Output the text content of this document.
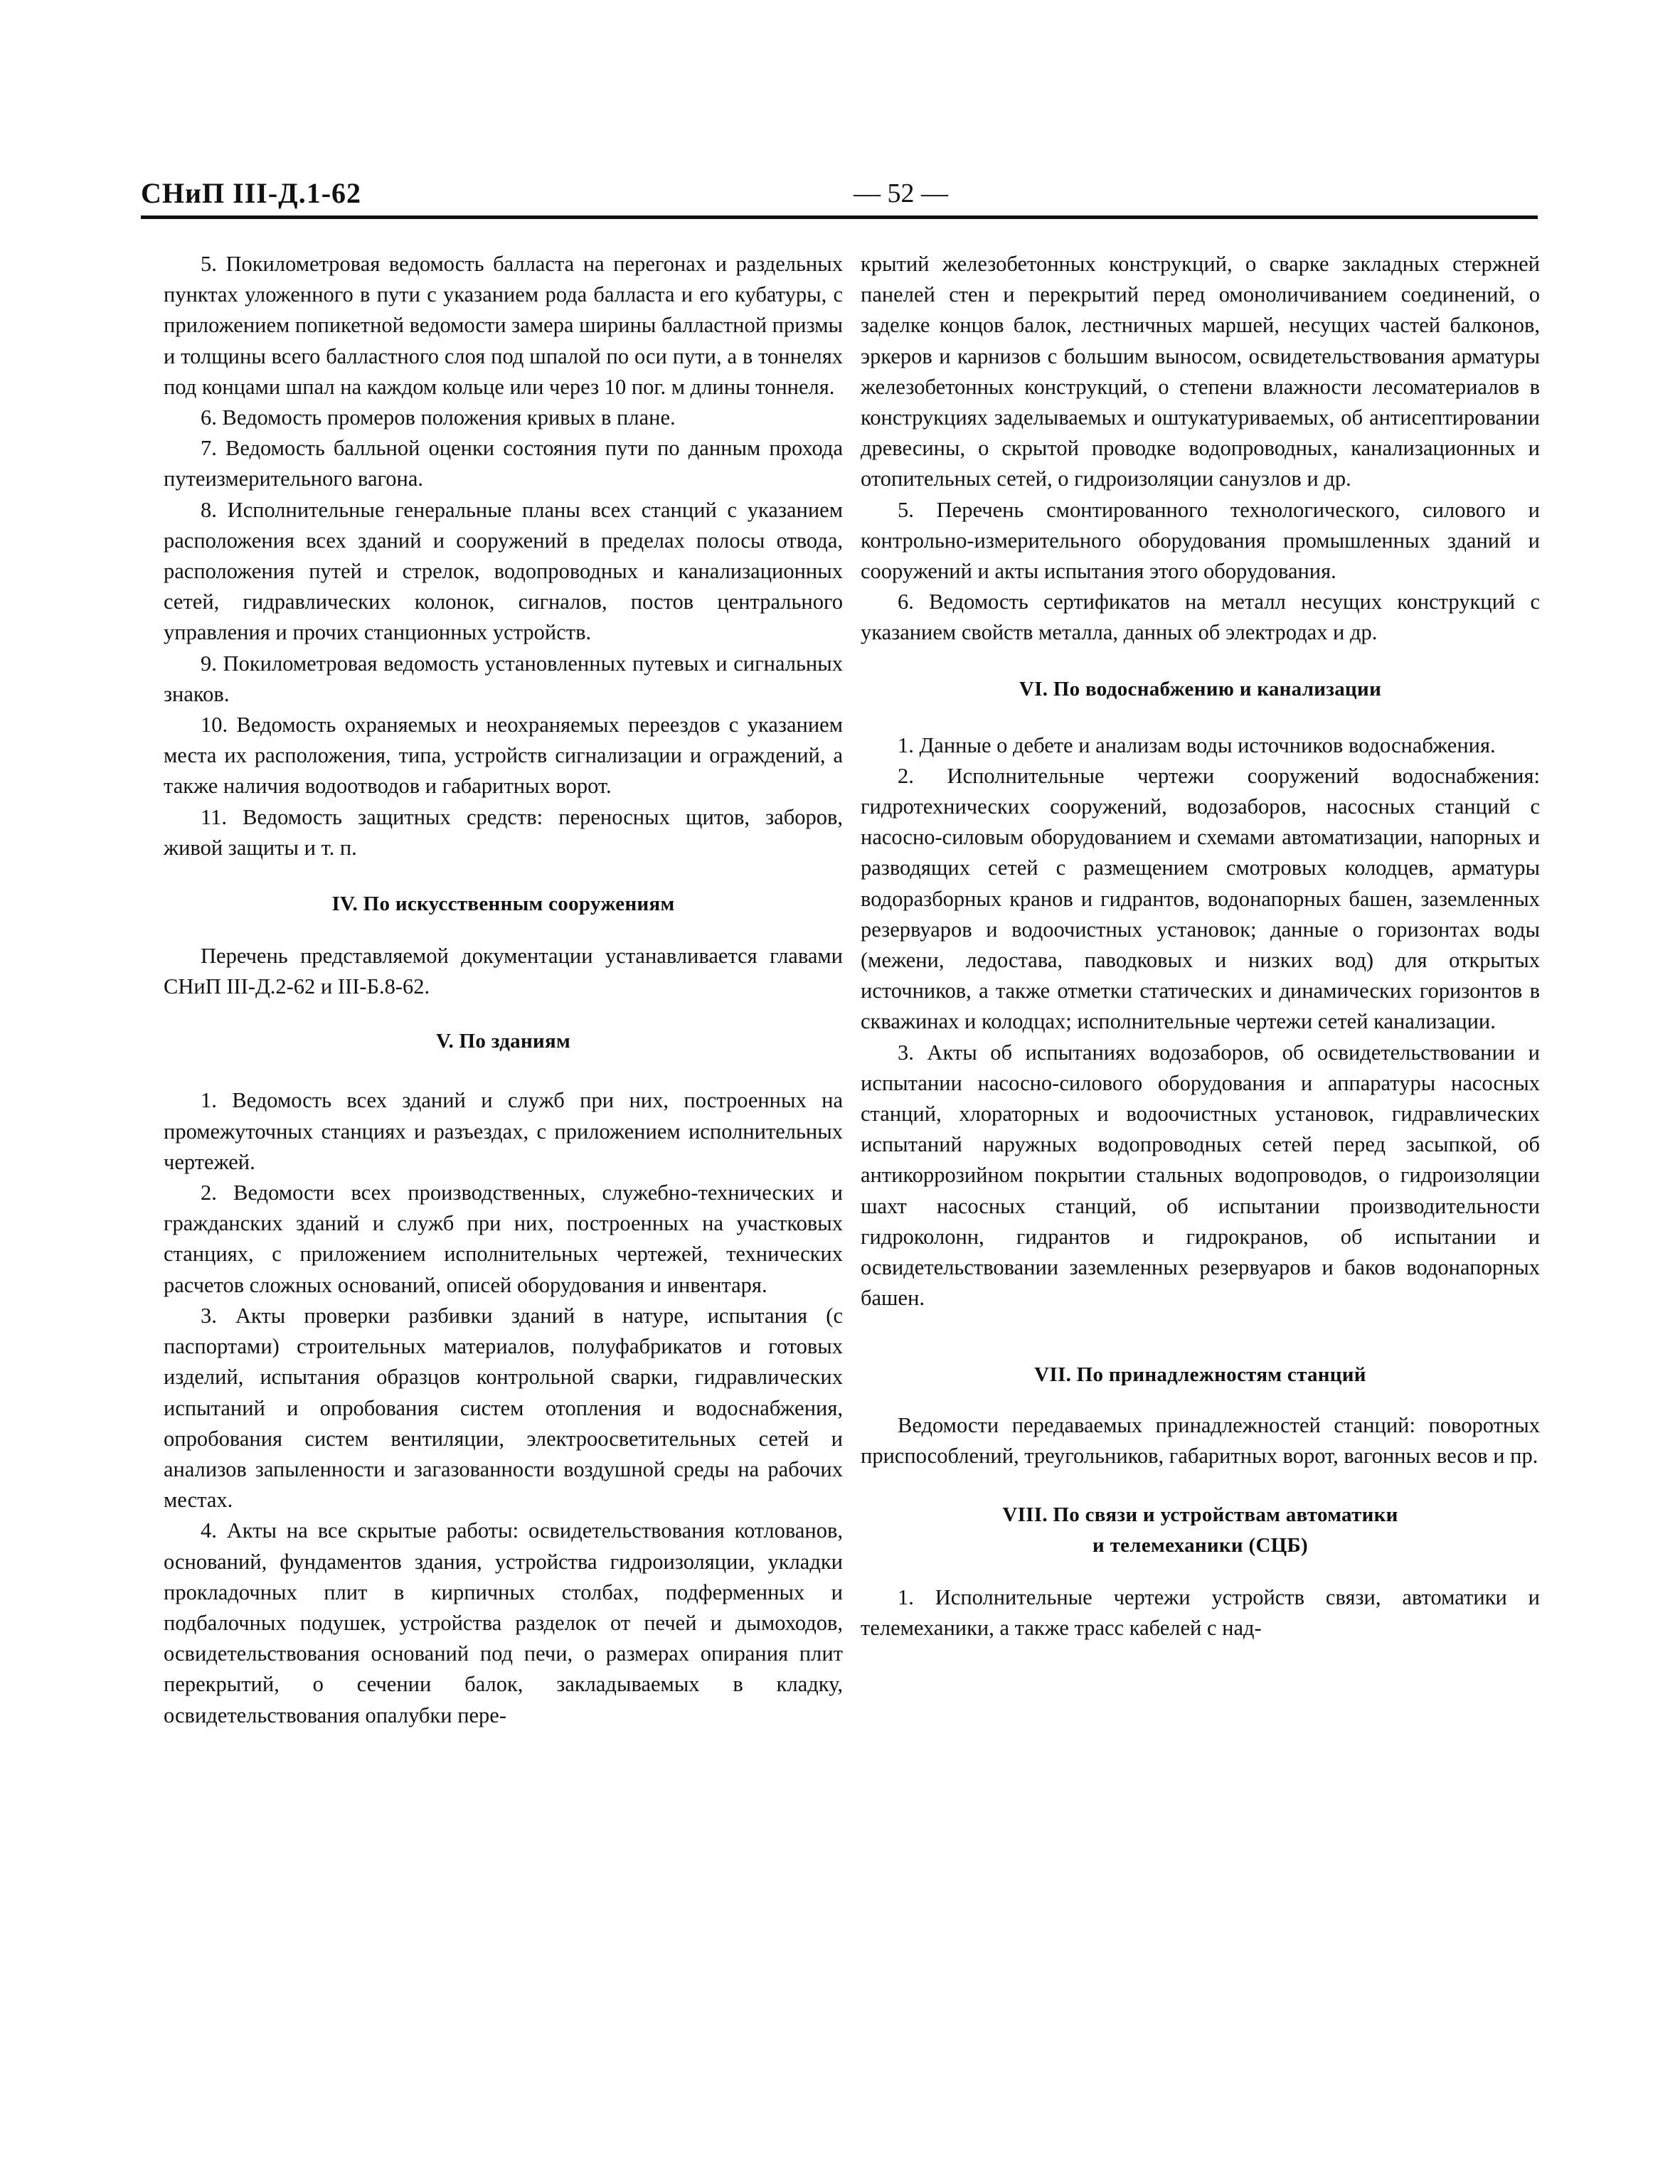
СНиП III-Д.1-62	— 52 —

5. Покилометровая ведомость балласта на перегонах и раздельных пунктах уложенного в пути с указанием рода балласта и его кубатуры, с приложением попикетной ведомости замера ширины балластной призмы и толщины всего балластного слоя под шпалой по оси пути, а в тоннелях под концами шпал на каждом кольце или через 10 пог. м длины тоннеля.

6. Ведомость промеров положения кривых в плане.

7. Ведомость балльной оценки состояния пути по данным прохода путеизмерительного вагона.

8. Исполнительные генеральные планы всех станций с указанием расположения всех зданий и сооружений в пределах полосы отвода, расположения путей и стрелок, водопроводных и канализационных сетей, гидравлических колонок, сигналов, постов центрального управления и прочих станционных устройств.

9. Покилометровая ведомость установленных путевых и сигнальных знаков.

10. Ведомость охраняемых и неохраняемых переездов с указанием места их расположения, типа, устройств сигнализации и ограждений, а также наличия водоотводов и габаритных ворот.

11. Ведомость защитных средств: переносных щитов, заборов, живой защиты и т. п.

IV. По искусственным сооружениям

Перечень представляемой документации устанавливается главами СНиП III-Д.2-62 и III-Б.8-62.

V. По зданиям

1. Ведомость всех зданий и служб при них, построенных на промежуточных станциях и разъездах, с приложением исполнительных чертежей.

2. Ведомости всех производственных, служебно-технических и гражданских зданий и служб при них, построенных на участковых станциях, с приложением исполнительных чертежей, технических расчетов сложных оснований, описей оборудования и инвентаря.

3. Акты проверки разбивки зданий в натуре, испытания (с паспортами) строительных материалов, полуфабрикатов и готовых изделий, испытания образцов контрольной сварки, гидравлических испытаний и опробования систем отопления и водоснабжения, опробования систем вентиляции, электроосветительных сетей и анализов запыленности и загазованности воздушной среды на рабочих местах.

4. Акты на все скрытые работы: освидетельствования котлованов, оснований, фундаментов здания, устройства гидроизоляции, укладки прокладочных плит в кирпичных столбах, подферменных и подбалочных подушек, устройства разделок от печей и дымоходов, освидетельствования оснований под печи, о размерах опирания плит перекрытий, о сечении балок, закладываемых в кладку, освидетельствования опалубки пере-

крытий железобетонных конструкций, о сварке закладных стержней панелей стен и перекрытий перед омоноличиванием соединений, о заделке концов балок, лестничных маршей, несущих частей балконов, эркеров и карнизов с большим выносом, освидетельствования арматуры железобетонных конструкций, о степени влажности лесоматериалов в конструкциях заделываемых и оштукатуриваемых, об антисептировании древесины, о скрытой проводке водопроводных, канализационных и отопительных сетей, о гидроизоляции санузлов и др.

5. Перечень смонтированного технологического, силового и контрольно-измерительного оборудования промышленных зданий и сооружений и акты испытания этого оборудования.

6. Ведомость сертификатов на металл несущих конструкций с указанием свойств металла, данных об электродах и др.

VI. По водоснабжению и канализации

1. Данные о дебете и анализам воды источников водоснабжения.

2. Исполнительные чертежи сооружений водоснабжения: гидротехнических сооружений, водозаборов, насосных станций с насосно-силовым оборудованием и схемами автоматизации, напорных и разводящих сетей с размещением смотровых колодцев, арматуры водоразборных кранов и гидрантов, водонапорных башен, заземленных резервуаров и водоочистных установок; данные о горизонтах воды (межени, ледостава, паводковых и низких вод) для открытых источников, а также отметки статических и динамических горизонтов в скважинах и колодцах; исполнительные чертежи сетей канализации.

3. Акты об испытаниях водозаборов, об освидетельствовании и испытании насосно-силового оборудования и аппаратуры насосных станций, хлораторных и водоочистных установок, гидравлических испытаний наружных водопроводных сетей перед засыпкой, об антикоррозийном покрытии стальных водопроводов, о гидроизоляции шахт насосных станций, об испытании производительности гидроколонн, гидрантов и гидрокранов, об испытании и освидетельствовании заземленных резервуаров и баков водонапорных башен.

VII. По принадлежностям станций

Ведомости передаваемых принадлежностей станций: поворотных приспособлений, треугольников, габаритных ворот, вагонных весов и пр.

VIII. По связи и устройствам автоматики
и телемеханики (СЦБ)

1. Исполнительные чертежи устройств связи, автоматики и телемеханики, а также трасс кабелей с над-
